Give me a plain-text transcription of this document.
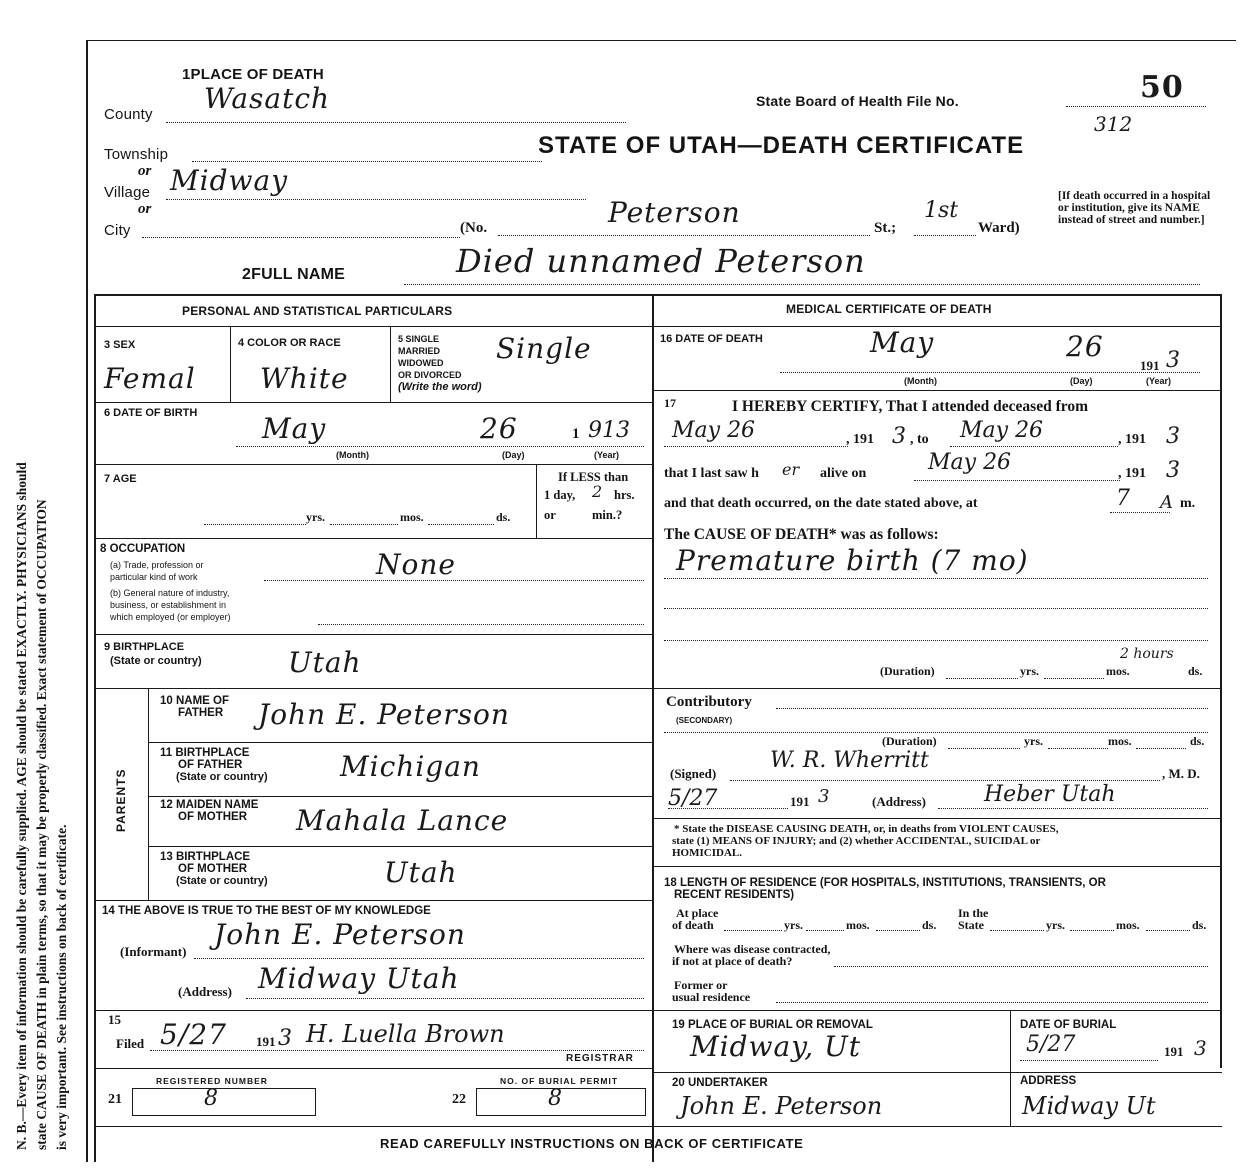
N. B.—Every item of information should be carefully supplied. AGE should be stated EXACTLY. PHYSICIANS should state CAUSE OF DEATH in plain terms, so that it may be properly classified. Exact statement of OCCUPATION is very important. See instructions on back of certificate.
1PLACE OF DEATH
State Board of Health File No.	50
312
STATE OF UTAH—DEATH CERTIFICATE
[If death occurred in a hospital or institution, give its NAME instead of street and number.]
County Wasatch
Township
or
Village Midway
or
City	(No.	Peterson	St.;
1st
Ward)
2FULL NAME	Died unnamed Peterson
PERSONAL AND STATISTICAL PARTICULARS	MEDICAL CERTIFICATE OF DEATH
3 SEX
Femal
4 COLOR OR RACE
White
5 SINGLE
MARRIED
WIDOWED
OR DIVORCED
(Write the word)
Single
6 DATE OF BIRTH May	26	1 913
(Month)	(Day)	(Year)
7 AGE
yrs.	mos.	ds.
If LESS than
1 day, 2 hrs.
or	min.?
8 OCCUPATION
(a) Trade, profession or
particular kind of work	None
(b) General nature of industry,
business, or establishment in
which employed (or employer)
9 BIRTHPLACE
(State or country)	Utah
PARENTS
10 NAME OF
FATHER John E. Peterson
11 BIRTHPLACE
OF FATHER
(State or country)	Michigan
12 MAIDEN NAME
OF MOTHER Mahala Lance
13 BIRTHPLACE
OF MOTHER
(State or country)	Utah
14 THE ABOVE IS TRUE TO THE BEST OF MY KNOWLEDGE
(Informant)
John E. Peterson
(Address) Midway Utah
15
Filed 5/27 191 3 H. Luella Brown
REGISTRAR
REGISTERED NUMBER
21	8
NO. OF BURIAL PERMIT
22	8
READ CAREFULLY INSTRUCTIONS ON BACK OF CERTIFICATE
16 DATE OF DEATH	May	26
191 3
(Month)	(Day)	(Year)
17	I HEREBY CERTIFY, That I attended deceased from
May 26	, 191 3 , to May 26	, 191 3
that I last saw h er alive on	May 26	, 191 3
and that death occurred, on the date stated above, at	7 A m.
The CAUSE OF DEATH* was as follows:
Premature birth (7 mo)
(Duration)	yrs.	mos.
2 hours
ds.
Contributory
(SECONDARY)
(Duration)	yrs.	mos.	ds.
(Signed)
W. R. Wherritt
, M. D.
5/27	191 3	(Address)	Heber Utah
* State the DISEASE CAUSING DEATH, or, in deaths from VIOLENT CAUSES,
state (1) MEANS OF INJURY; and (2) whether ACCIDENTAL, SUICIDAL or
HOMICIDAL.
18 LENGTH OF RESIDENCE (FOR HOSPITALS, INSTITUTIONS, TRANSIENTS, OR
RECENT RESIDENTS)
At place
of death	yrs.	mos.	ds.
In the
State	yrs.	mos.	ds.
Where was disease contracted,
if not at place of death?
Former or
usual residence
19 PLACE OF BURIAL OR REMOVAL
Midway, Ut
DATE OF BURIAL
5/27	191 3
20 UNDERTAKER
John E. Peterson
ADDRESS
Midway Ut
